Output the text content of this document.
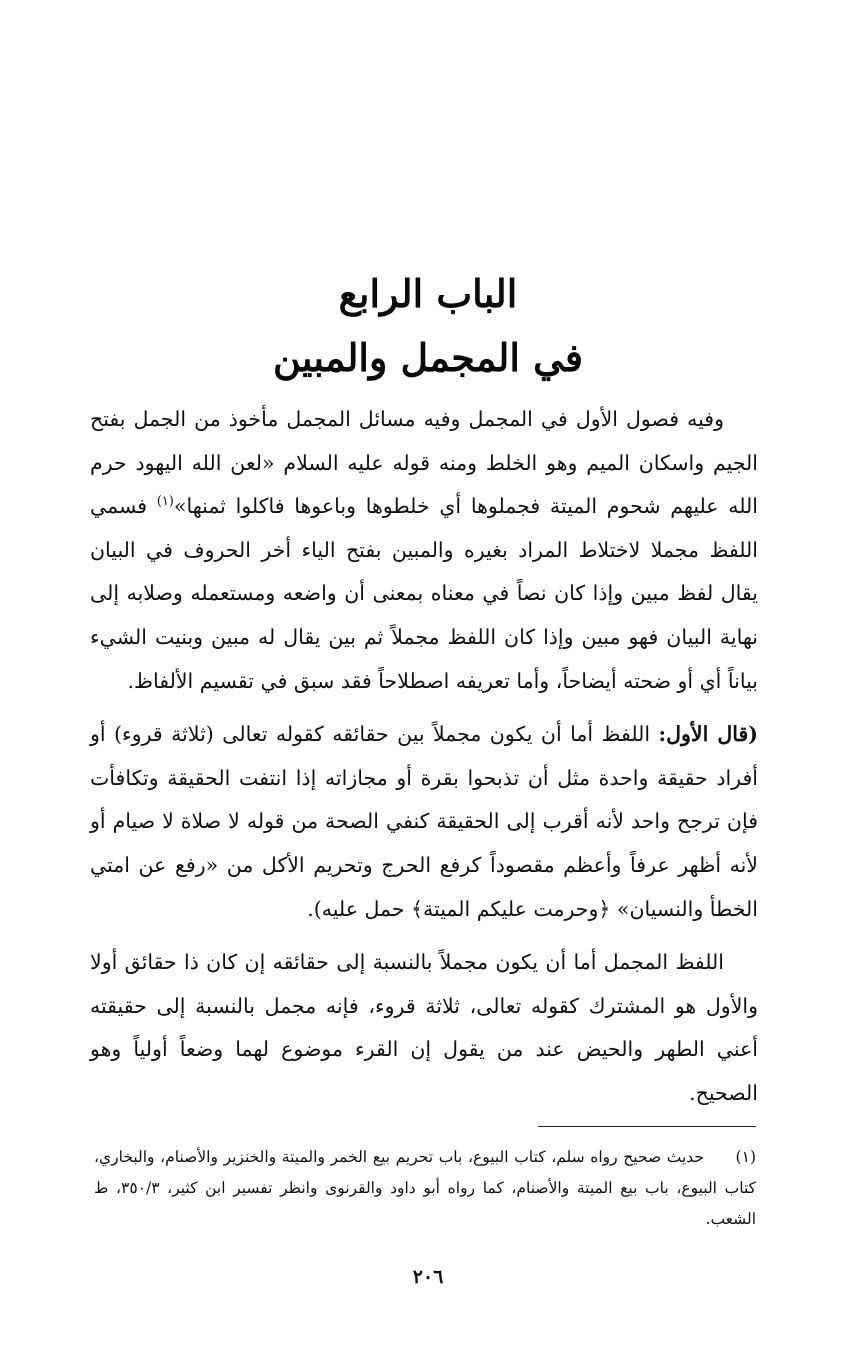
الباب الرابع
في المجمل والمبين

وفيه فصول الأول في المجمل وفيه مسائل المجمل مأخوذ من الجمل بفتح الجيم واسكان الميم وهو الخلط ومنه قوله عليه السلام «لعن الله اليهود حرم الله عليهم شحوم الميتة فجملوها أي خلطوها وباعوها فاكلوا ثمنها»$^{(١)}$ فسمي اللفظ مجملا لاختلاط المراد بغيره والمبين بفتح الياء أخر الحروف في البيان يقال لفظ مبين وإذا كان نصاً في معناه بمعنى أن واضعه ومستعمله وصلابه إلى نهاية البيان فهو مبين وإذا كان اللفظ مجملاً ثم بين يقال له مبين وبنيت الشيء بياناً أي أو ضحته أيضاحاً، وأما تعريفه اصطلاحاً فقد سبق في تقسيم الألفاظ.

(قال الأول: اللفظ أما أن يكون مجملاً بين حقائقه كقوله تعالى (ثلاثة قروء) أو أفراد حقيقة واحدة مثل أن تذبحوا بقرة أو مجازاته إذا انتفت الحقيقة وتكافأت فإن ترجح واحد لأنه أقرب إلى الحقيقة كنفي الصحة من قوله لا صلاة لا صيام أو لأنه أظهر عرفاً وأعظم مقصوداً كرفع الحرج وتحريم الأكل من «رفع عن امتي الخطأ والنسيان» ﴿وحرمت عليكم الميتة﴾ حمل عليه).

اللفظ المجمل أما أن يكون مجملاً بالنسبة إلى حقائقه إن كان ذا حقائق أولا والأول هو المشترك كقوله تعالى، ثلاثة قروء، فإنه مجمل بالنسبة إلى حقيقته أعني الطهر والحيض عند من يقول إن القرء موضوع لهما وضعاً أولياً وهو الصحيح.

(١)حديث صحيح رواه سلم، كتاب البيوع، باب تحريم بيع الخمر والميتة والخنزير والأصنام، والبخاري، كتاب البيوع، باب بيع الميتة والأصنام، كما رواه أبو داود والقرنوى وانظر تفسير ابن كثير، ٣٥٠/٣، ط الشعب.

٢٠٦
